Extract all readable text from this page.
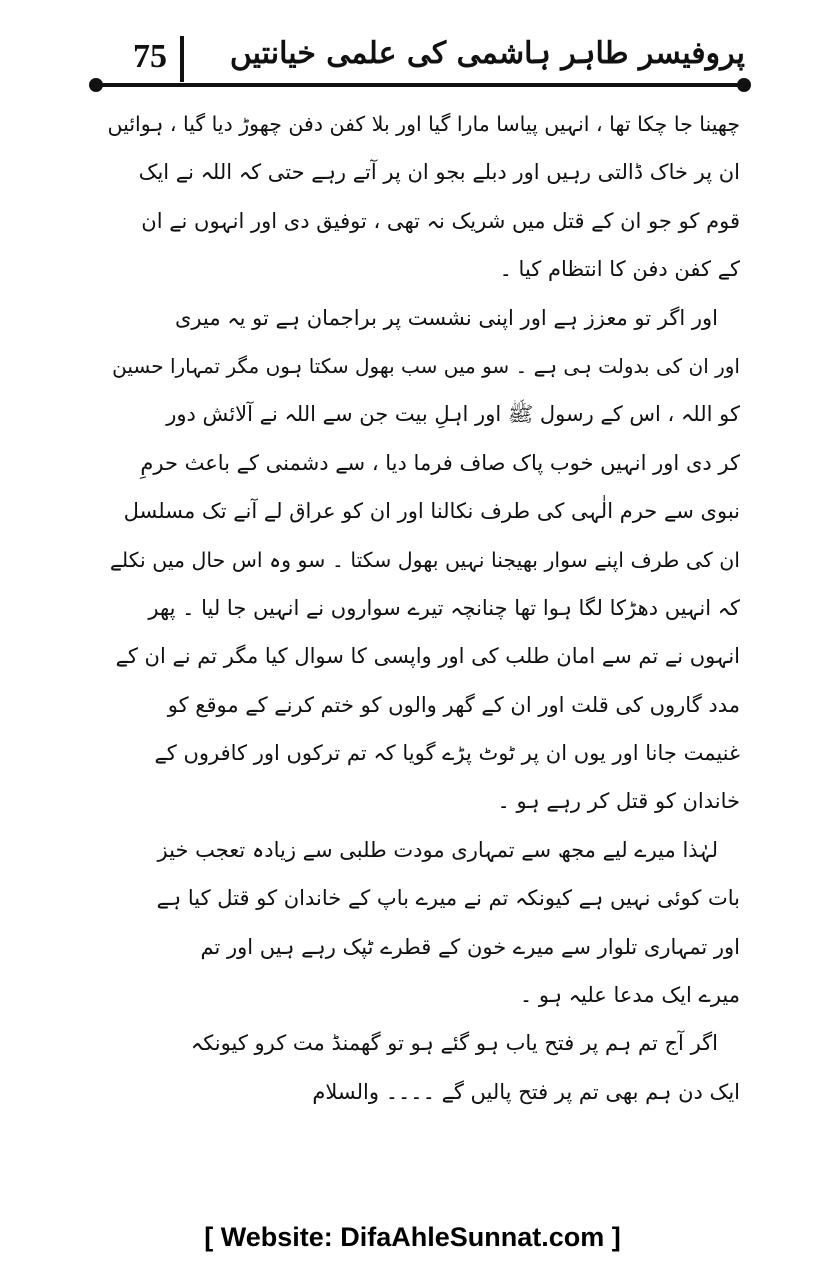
75	پروفیسر طاہر ہاشمی کی علمی خیانتیں
چھینا جا چکا تھا ، انہیں پیاسا مارا گیا اور بلا کفن دفن چھوڑ دیا گیا ، ہوائیں
ان پر خاک ڈالتی رہیں اور دبلے بجو ان پر آتے رہے حتی کہ اللہ نے ایک
قوم کو جو ان کے قتل میں شریک نہ تھی ، توفیق دی اور انہوں نے ان
کے کفن دفن کا انتظام کیا ۔
اور اگر تو معزز ہے اور اپنی نشست پر براجمان ہے تو یہ میری
اور ان کی بدولت ہی ہے ۔ سو میں سب بھول سکتا ہوں مگر تمہارا حسین
کو اللہ ، اس کے رسول ﷺ اور اہلِ بیت جن سے اللہ نے آلائش دور
کر دی اور انہیں خوب پاک صاف فرما دیا ، سے دشمنی کے باعث حرمِ
نبوی سے حرم الٰہی کی طرف نکالنا اور ان کو عراق لے آنے تک مسلسل
ان کی طرف اپنے سوار بھیجنا نہیں بھول سکتا ۔ سو وہ اس حال میں نکلے
کہ انہیں دھڑکا لگا ہوا تھا چنانچہ تیرے سواروں نے انہیں جا لیا ۔ پھر
انہوں نے تم سے امان طلب کی اور واپسی کا سوال کیا مگر تم نے ان کے
مدد گاروں کی قلت اور ان کے گھر والوں کو ختم کرنے کے موقع کو
غنیمت جانا اور یوں ان پر ٹوٹ پڑے گویا کہ تم ترکوں اور کافروں کے
خاندان کو قتل کر رہے ہو ۔
لہٰذا میرے لیے مجھ سے تمہاری مودت طلبی سے زیادہ تعجب خیز
بات کوئی نہیں ہے کیونکہ تم نے میرے باپ کے خاندان کو قتل کیا ہے
اور تمہاری تلوار سے میرے خون کے قطرے ٹپک رہے ہیں اور تم
میرے ایک مدعا علیہ ہو ۔
اگر آج تم ہم پر فتح یاب ہو گئے ہو تو گھمنڈ مت کرو کیونکہ
ایک دن ہم بھی تم پر فتح پالیں گے ۔۔۔۔ والسلام
[ Website: DifaAhleSunnat.com ]
